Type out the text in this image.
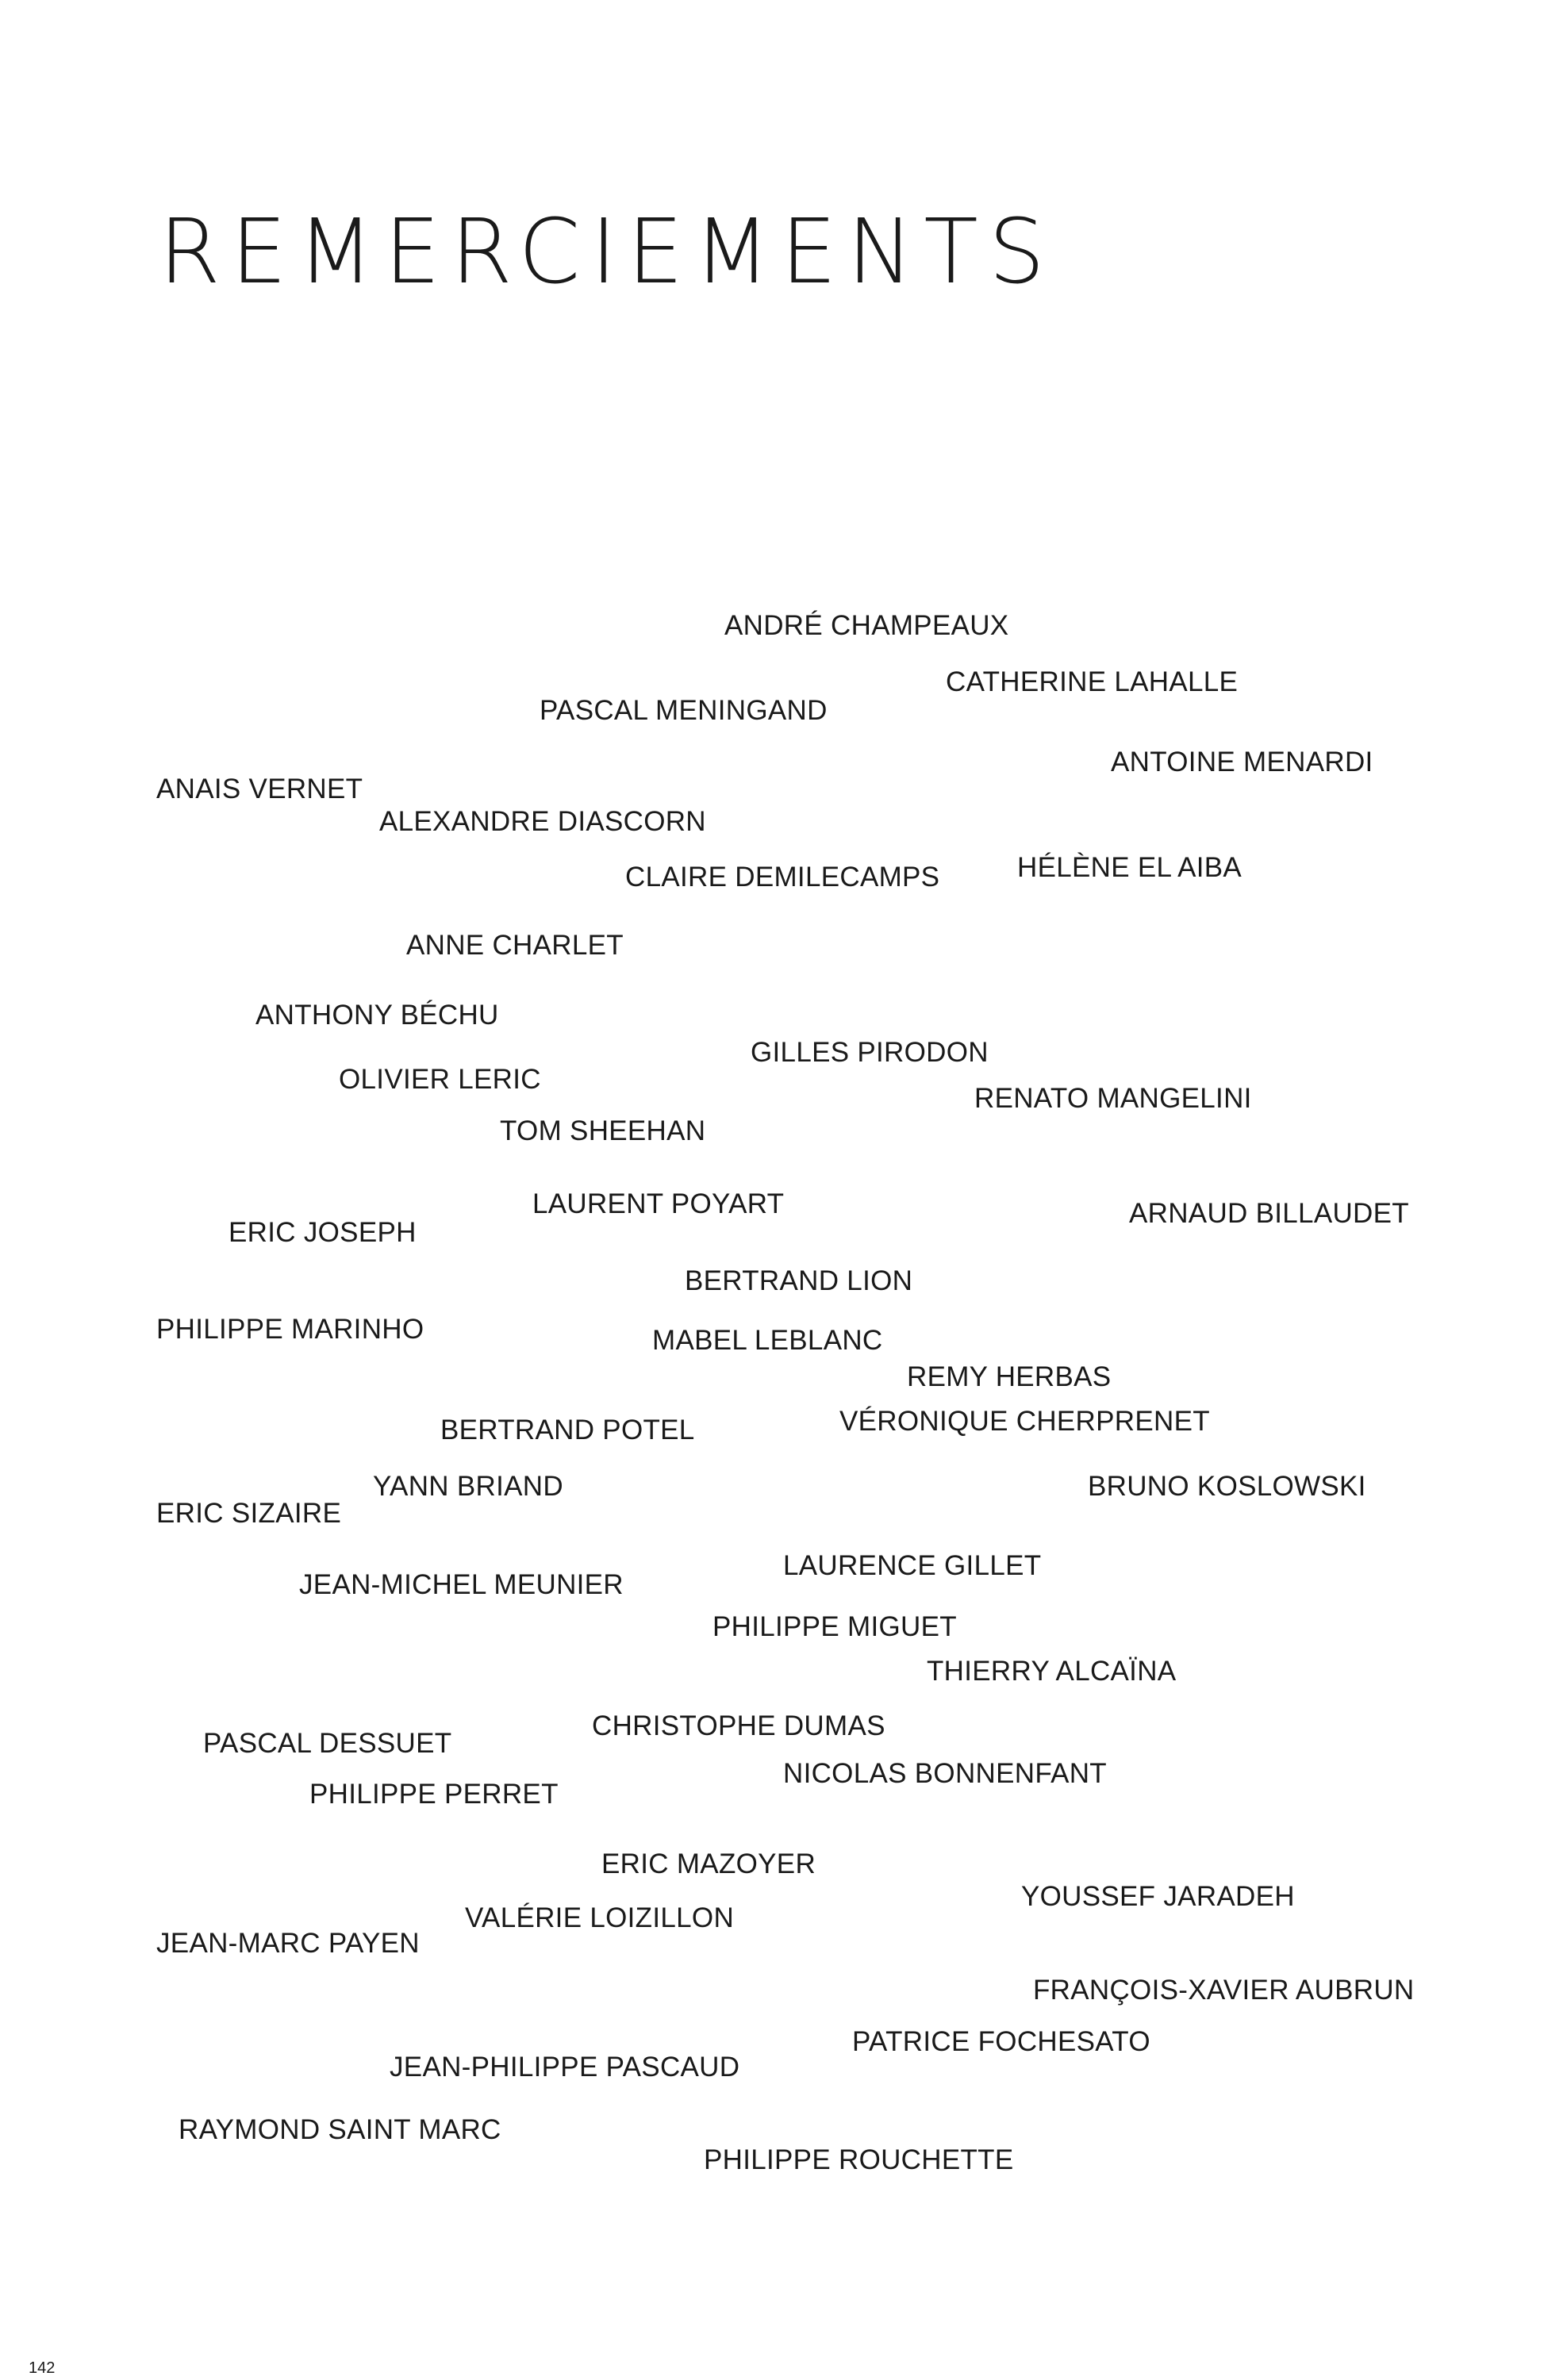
REMERCIEMENTS
ANDRÉ CHAMPEAUX
CATHERINE LAHALLE
PASCAL MENINGAND
ANTOINE MENARDI
ANAIS VERNET
ALEXANDRE DIASCORN
CLAIRE DEMILECAMPS	HÉLÈNE EL AIBA
ANNE CHARLET
ANTHONY BÉCHU
GILLES PIRODON
OLIVIER LERIC
RENATO MANGELINI
TOM SHEEHAN
LAURENT POYART	ARNAUD BILLAUDET
ERIC JOSEPH
BERTRAND LION
PHILIPPE MARINHO	MABEL LEBLANC
REMY HERBAS
VÉRONIQUE CHERPRENET
BERTRAND POTEL
YANN BRIAND	BRUNO KOSLOWSKI
ERIC SIZAIRE
LAURENCE GILLET
JEAN-MICHEL MEUNIER
PHILIPPE MIGUET
THIERRY ALCAÏNA
CHRISTOPHE DUMAS
PASCAL DESSUET
NICOLAS BONNENFANT
PHILIPPE PERRET
ERIC MAZOYER
YOUSSEF JARADEH
VALÉRIE LOIZILLON
JEAN-MARC PAYEN
FRANÇOIS-XAVIER AUBRUN
PATRICE FOCHESATO
JEAN-PHILIPPE PASCAUD
RAYMOND SAINT MARC
PHILIPPE ROUCHETTE
142
